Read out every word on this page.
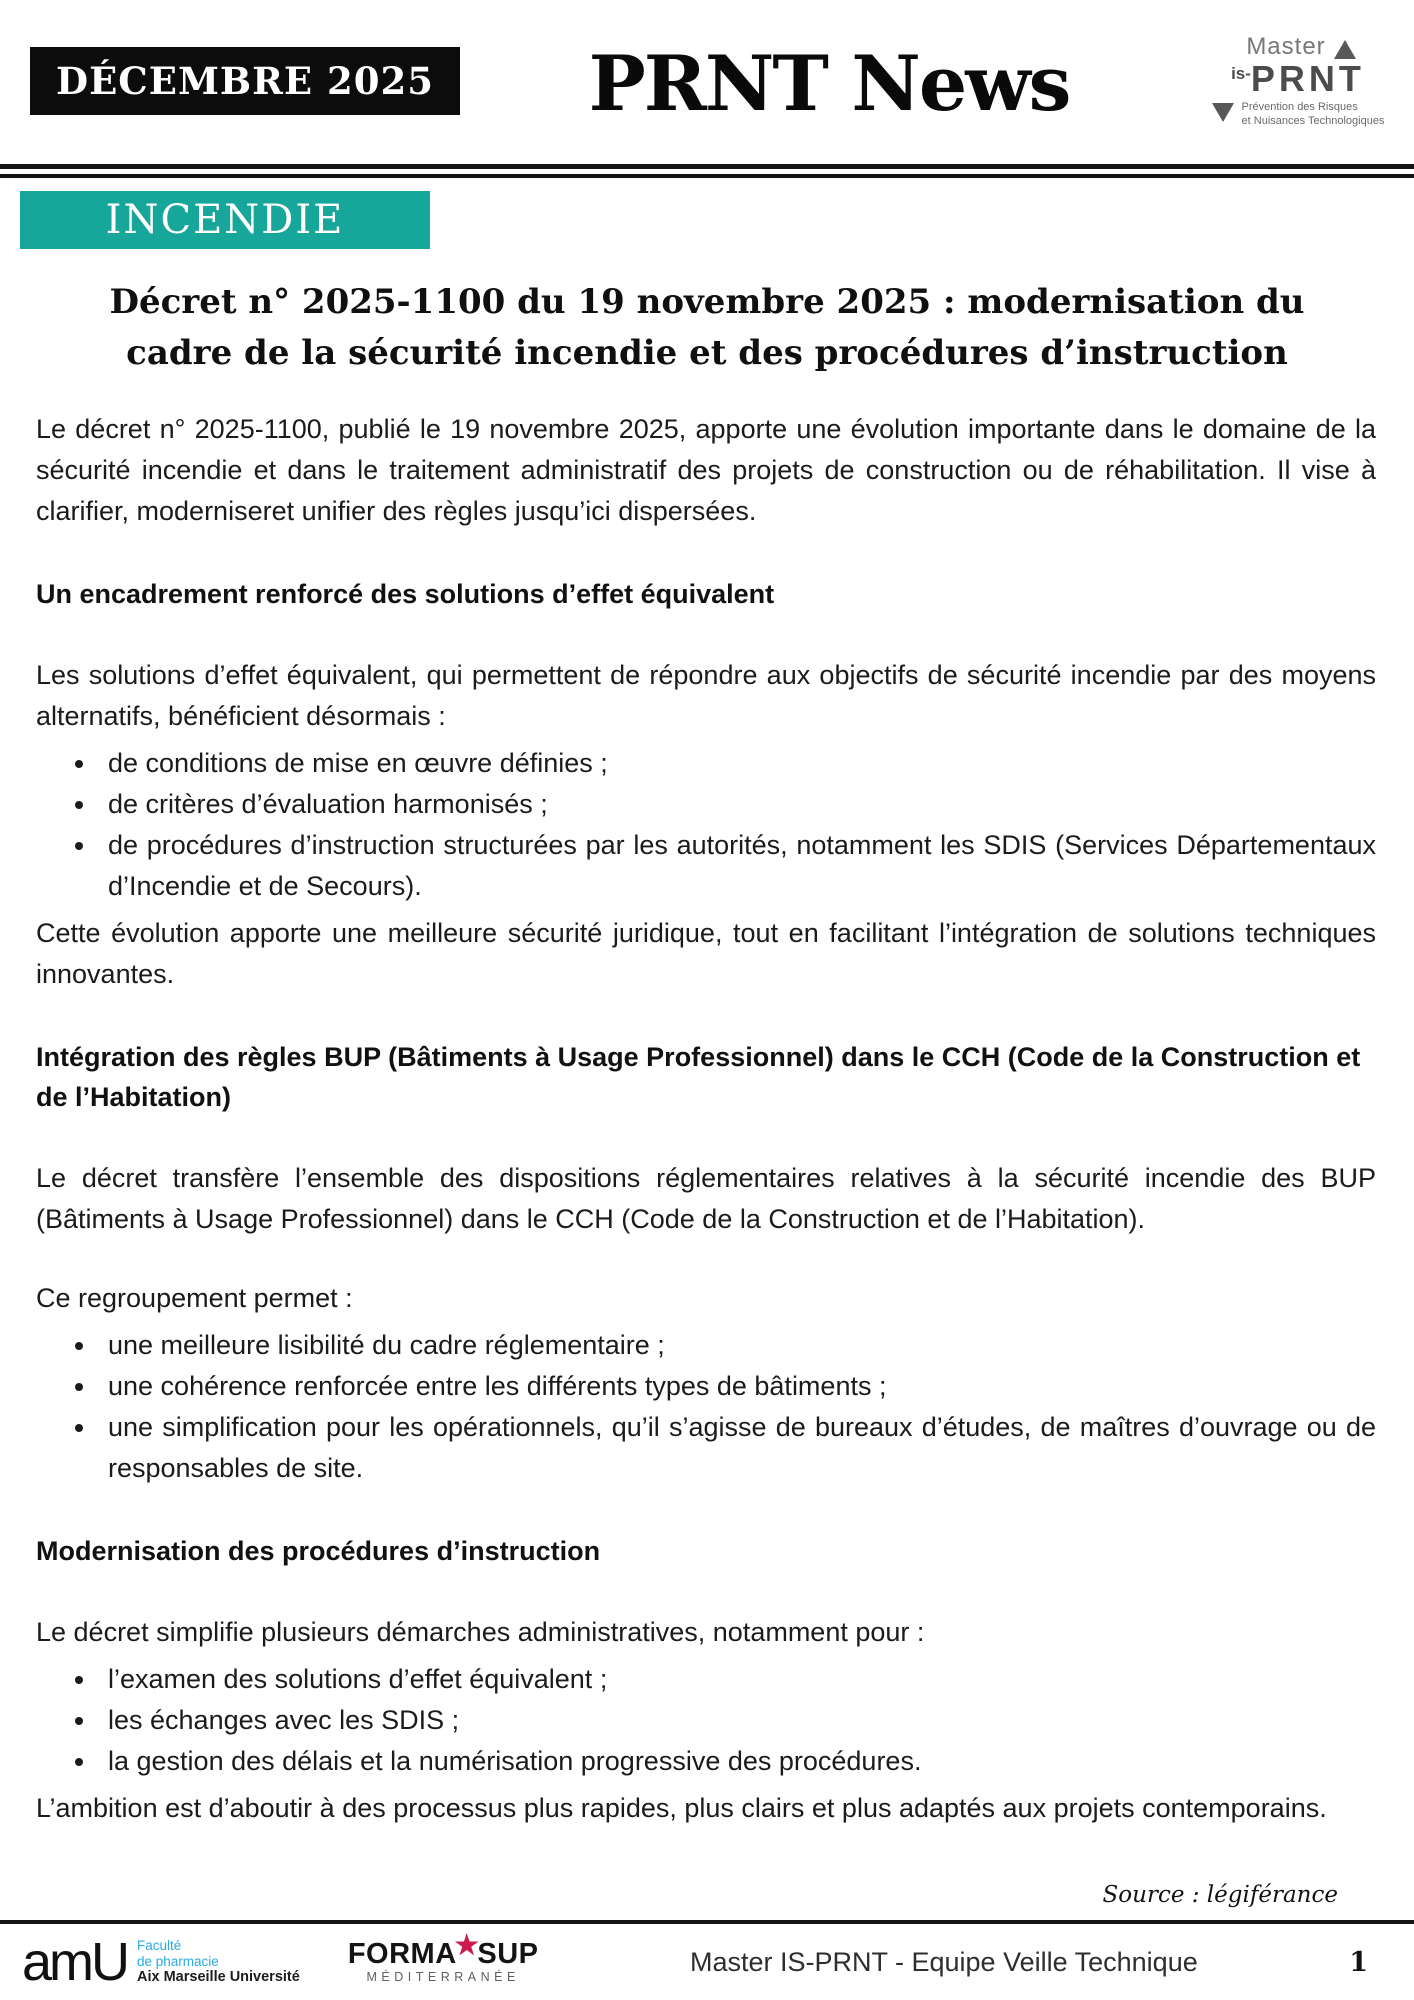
DÉCEMBRE 2025	PRNT News	Master
is- PRNT
Prévention des Risques
et Nuisances Technologiques
INCENDIE
Décret n° 2025-1100 du 19 novembre 2025 : modernisation du cadre de la sécurité incendie et des procédures d’instruction

Le décret n° 2025-1100, publié le 19 novembre 2025, apporte une évolution importante dans le domaine de la sécurité incendie et dans le traitement administratif des projets de construction ou de réhabilitation. Il vise à clarifier, moderniseret unifier des règles jusqu’ici dispersées.

Un encadrement renforcé des solutions d’effet équivalent

Les solutions d’effet équivalent, qui permettent de répondre aux objectifs de sécurité incendie par des moyens alternatifs, bénéficient désormais :

• de conditions de mise en œuvre définies ;
• de critères d’évaluation harmonisés ;
• de procédures d’instruction structurées par les autorités, notamment les SDIS (Services Départementaux d’Incendie et de Secours).

Cette évolution apporte une meilleure sécurité juridique, tout en facilitant l’intégration de solutions techniques innovantes.

Intégration des règles BUP (Bâtiments à Usage Professionnel) dans le CCH (Code de la Construction et de l’Habitation)

Le décret transfère l’ensemble des dispositions réglementaires relatives à la sécurité incendie des BUP (Bâtiments à Usage Professionnel) dans le CCH (Code de la Construction et de l’Habitation).

Ce regroupement permet :

• une meilleure lisibilité du cadre réglementaire ;
• une cohérence renforcée entre les différents types de bâtiments ;
• une simplification pour les opérationnels, qu’il s’agisse de bureaux d’études, de maîtres d’ouvrage ou de responsables de site.
Modernisation des procédures d’instruction

Le décret simplifie plusieurs démarches administratives, notamment pour :

• l’examen des solutions d’effet équivalent ;
• les échanges avec les SDIS ;
• la gestion des délais et la numérisation progressive des procédures.

L’ambition est d’aboutir à des processus plus rapides, plus clairs et plus adaptés aux projets contemporains.

Source : légiférance
amU Faculté
de pharmacie
Aix Marseille Université
FORMA★SUP
MÉDITERRANÉE
Master IS-PRNT - Equipe Veille Technique	1
